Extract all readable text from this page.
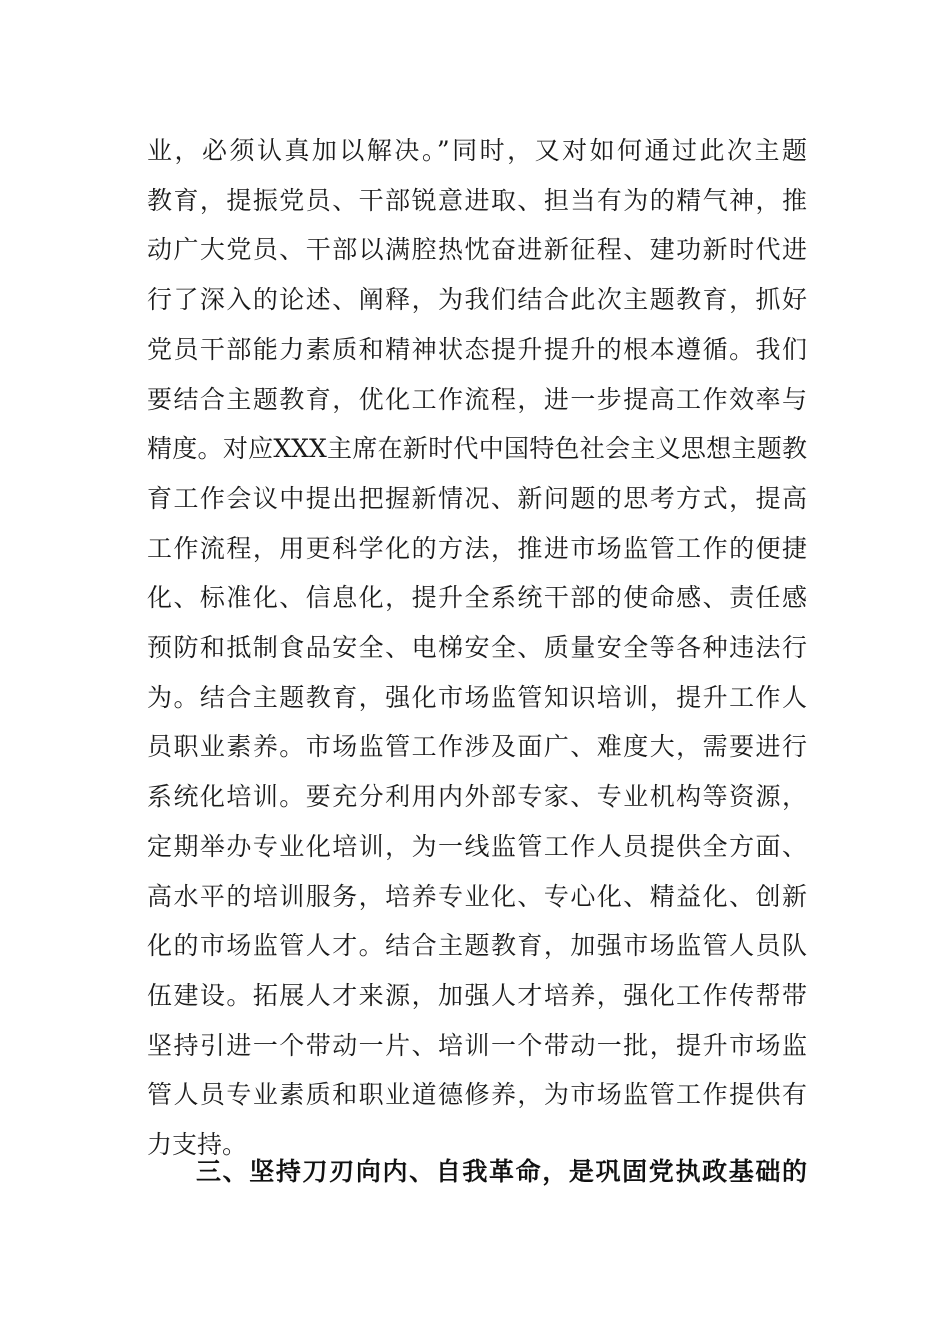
业，必须认真加以解决。”同时，又对如何通过此次主题
教育，提振党员、干部锐意进取、担当有为的精气神，推
动广大党员、干部以满腔热忱奋进新征程、建功新时代进
行了深入的论述、阐释，为我们结合此次主题教育，抓好
党员干部能力素质和精神状态提升提升的根本遵循。我们
要结合主题教育，优化工作流程，进一步提高工作效率与
精度。对应XXX主席在新时代中国特色社会主义思想主题教
育工作会议中提出把握新情况、新问题的思考方式，提高
工作流程，用更科学化的方法，推进市场监管工作的便捷
化、标准化、信息化，提升全系统干部的使命感、责任感
预防和抵制食品安全、电梯安全、质量安全等各种违法行
为。结合主题教育，强化市场监管知识培训，提升工作人
员职业素养。市场监管工作涉及面广、难度大，需要进行
系统化培训。要充分利用内外部专家、专业机构等资源，
定期举办专业化培训，为一线监管工作人员提供全方面、
高水平的培训服务，培养专业化、专心化、精益化、创新
化的市场监管人才。结合主题教育，加强市场监管人员队
伍建设。拓展人才来源，加强人才培养，强化工作传帮带
坚持引进一个带动一片、培训一个带动一批，提升市场监
管人员专业素质和职业道德修养，为市场监管工作提供有
力支持。
三、坚持刀刃向内、自我革命，是巩固党执政基础的
